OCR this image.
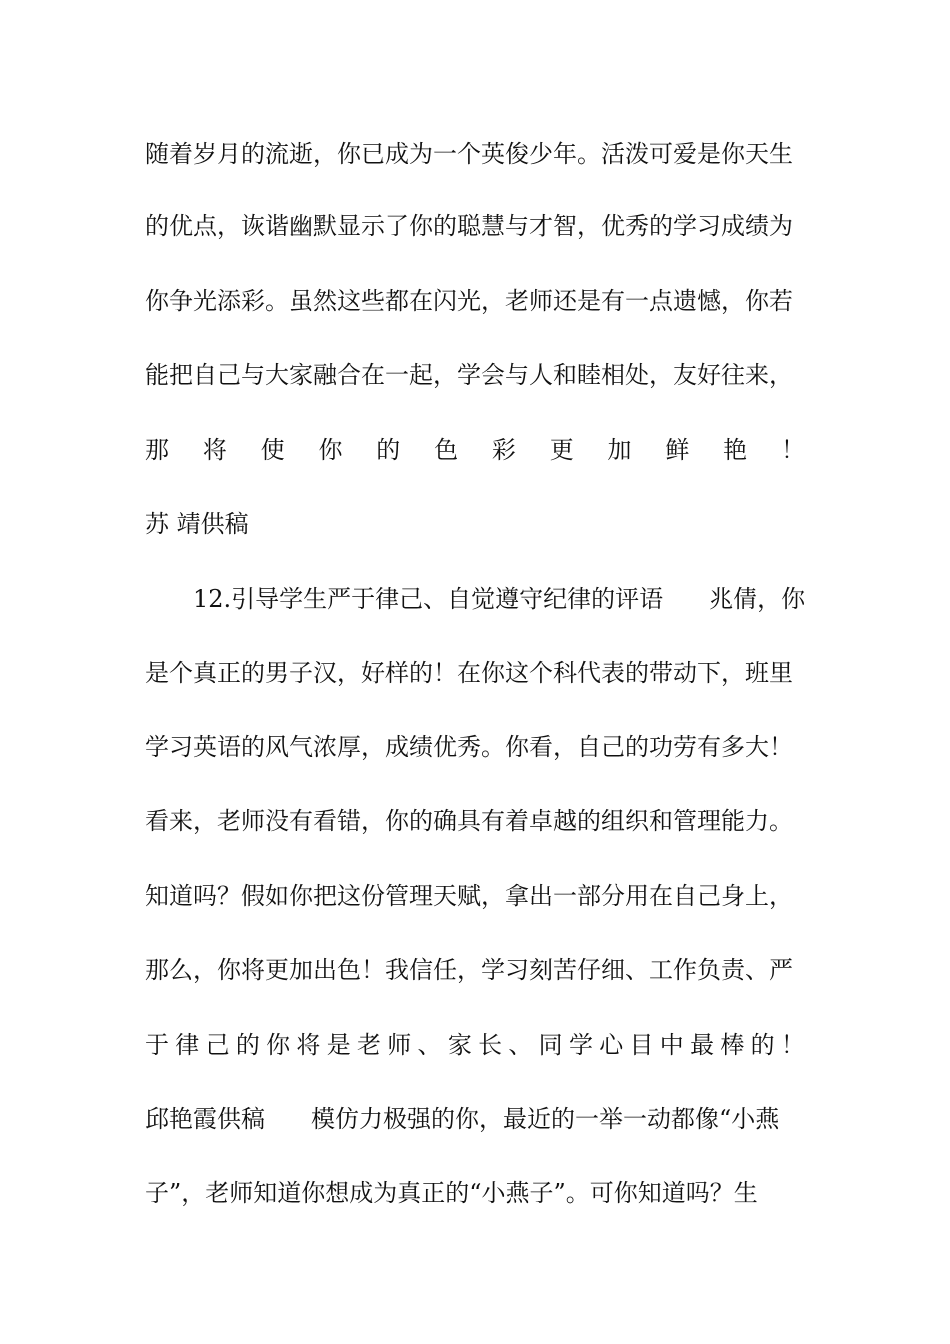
随着岁月的流逝，你已成为一个英俊少年。活泼可爱是你天生
的优点，诙谐幽默显示了你的聪慧与才智，优秀的学习成绩为
你争光添彩。虽然这些都在闪光，老师还是有一点遗憾，你若
能把自己与大家融合在一起，学会与人和睦相处，友好往来，
那 将 使 你 的 色 彩 更 加 鲜 艳 ！
苏 靖供稿
12.引导学生严于律己、自觉遵守纪律的评语 兆倩，你
是个真正的男子汉，好样的！在你这个科代表的带动下，班里
学习英语的风气浓厚，成绩优秀。你看，自己的功劳有多大！
看来，老师没有看错，你的确具有着卓越的组织和管理能力。
知道吗？假如你把这份管理天赋，拿出一部分用在自己身上，
那么，你将更加出色！我信任，学习刻苦仔细、工作负责、严
于 律 己 的 你 将 是 老 师 、 家 长 、 同 学 心 目 中 最 棒 的 ！
邱艳霞供稿 模仿力极强的你，最近的一举一动都像“小燕
子”，老师知道你想成为真正的“小燕子”。可你知道吗？生
